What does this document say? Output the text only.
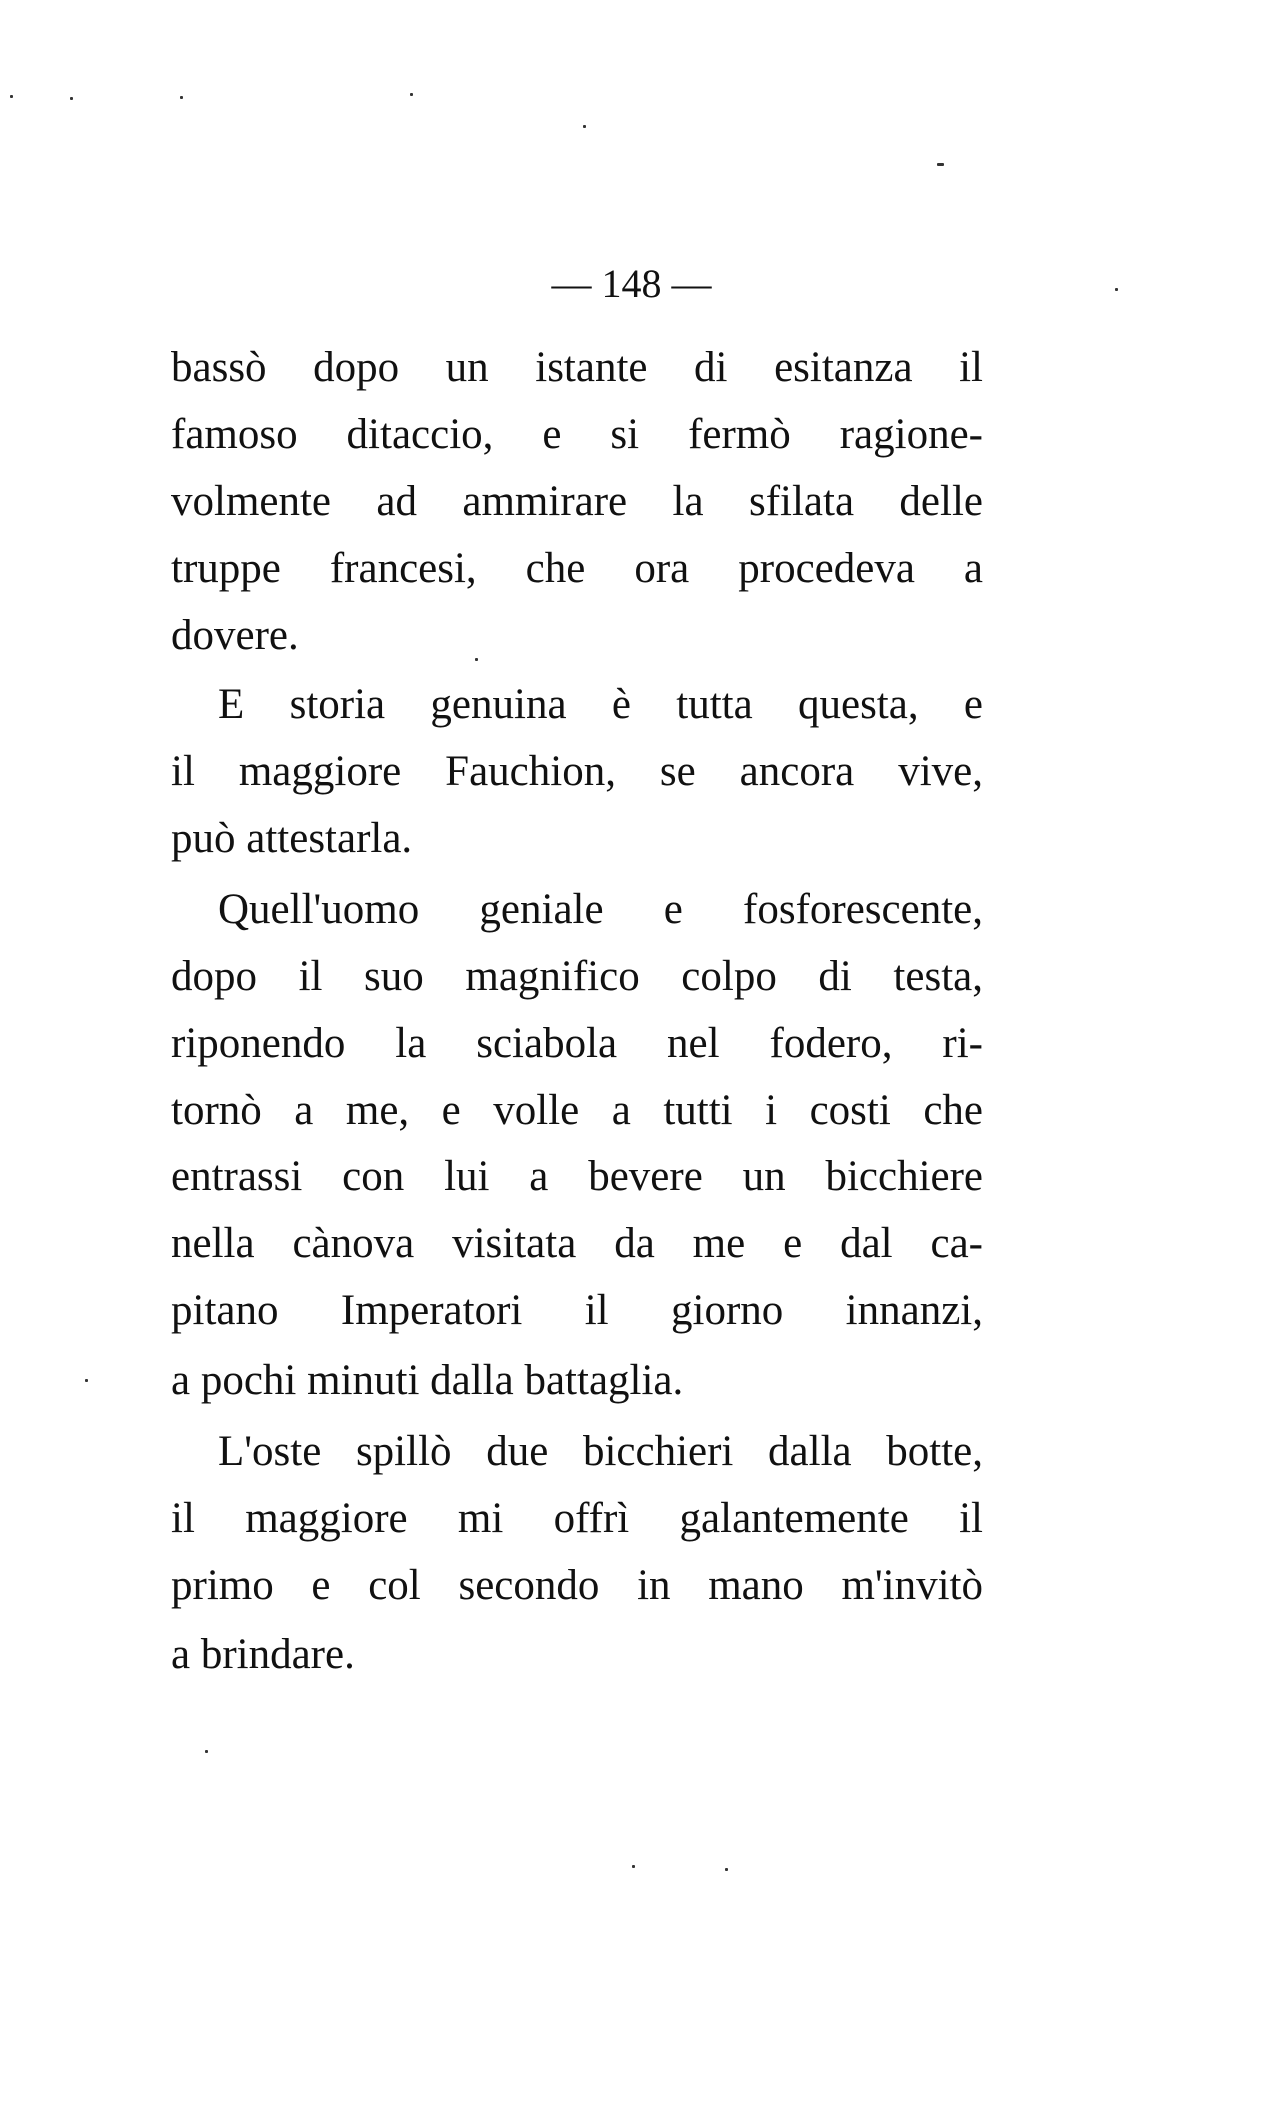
— 148 —
bassò dopo un istante di esitanza il
famoso ditaccio, e si fermò ragione-
volmente ad ammirare la sfilata delle
truppe francesi, che ora procedeva a
dovere.
E storia genuina è tutta questa, e
il maggiore Fauchion, se ancora vive,
può attestarla.
Quell'uomo geniale e fosforescente,
dopo il suo magnifico colpo di testa,
riponendo la sciabola nel fodero, ri-
tornò a me, e volle a tutti i costi che
entrassi con lui a bevere un bicchiere
nella cànova visitata da me e dal ca-
pitano Imperatori il giorno innanzi,
a pochi minuti dalla battaglia.
L'oste spillò due bicchieri dalla botte,
il maggiore mi offrì galantemente il
primo e col secondo in mano m'invitò
a brindare.
